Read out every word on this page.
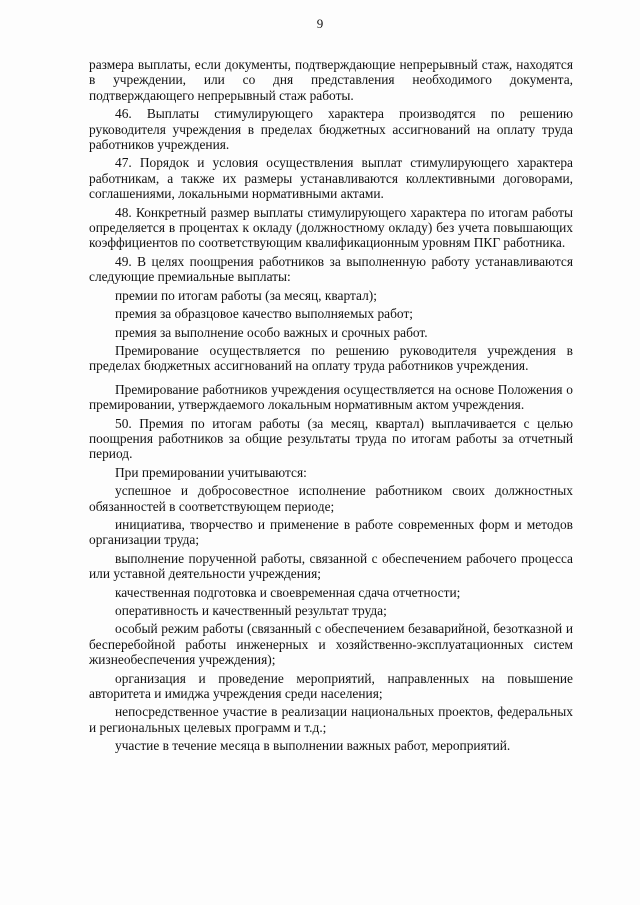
9

размера выплаты, если документы, подтверждающие непрерывный стаж, находятся в учреждении, или со дня представления необходимого документа, подтверждающего непрерывный стаж работы.

46. Выплаты стимулирующего характера производятся по решению руководителя учреждения в пределах бюджетных ассигнований на оплату труда работников учреждения.

47. Порядок и условия осуществления выплат стимулирующего характера работникам, а также их размеры устанавливаются коллективными договорами, соглашениями, локальными нормативными актами.

48. Конкретный размер выплаты стимулирующего характера по итогам работы определяется в процентах к окладу (должностному окладу) без учета повышающих коэффициентов по соответствующим квалификационным уровням ПКГ работника.

49. В целях поощрения работников за выполненную работу устанавливаются следующие премиальные выплаты:

премии по итогам работы (за месяц, квартал);

премия за образцовое качество выполняемых работ;

премия за выполнение особо важных и срочных работ.

Премирование осуществляется по решению руководителя учреждения в пределах бюджетных ассигнований на оплату труда работников учреждения.

Премирование работников учреждения осуществляется на основе Положения о премировании, утверждаемого локальным нормативным актом учреждения.

50. Премия по итогам работы (за месяц, квартал) выплачивается с целью поощрения работников за общие результаты труда по итогам работы за отчетный период.

При премировании учитываются:

успешное и добросовестное исполнение работником своих должностных обязанностей в соответствующем периоде;

инициатива, творчество и применение в работе современных форм и методов организации труда;

выполнение порученной работы, связанной с обеспечением рабочего процесса или уставной деятельности учреждения;

качественная подготовка и своевременная сдача отчетности;

оперативность и качественный результат труда;

особый режим работы (связанный с обеспечением безаварийной, безотказной и бесперебойной работы инженерных и хозяйственно-эксплуатационных систем жизнеобеспечения учреждения);

организация и проведение мероприятий, направленных на повышение авторитета и имиджа учреждения среди населения;

непосредственное участие в реализации национальных проектов, федеральных и региональных целевых программ и т.д.;

участие в течение месяца в выполнении важных работ, мероприятий.
